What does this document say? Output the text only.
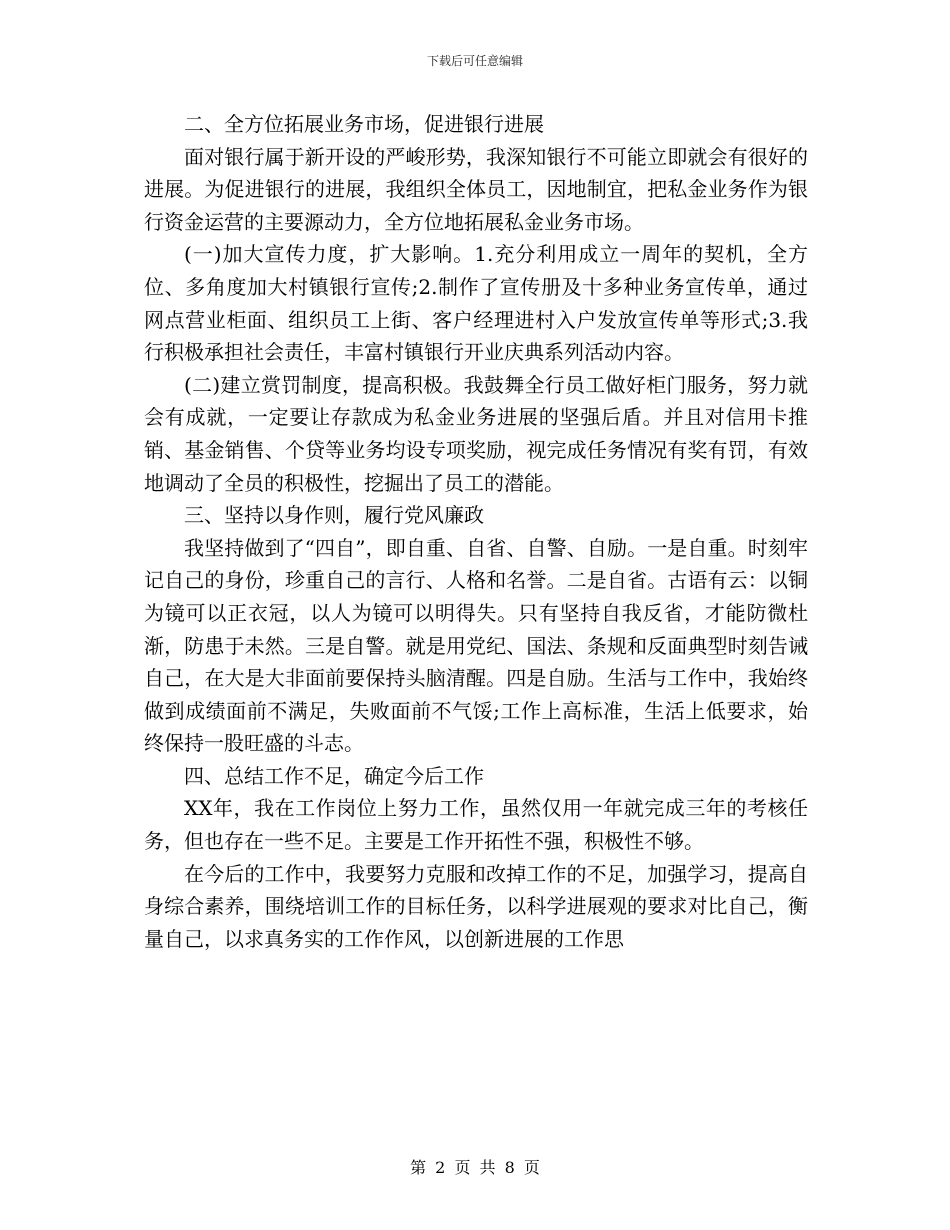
下载后可任意编辑

二、全方位拓展业务市场，促进银行进展

面对银行属于新开设的严峻形势，我深知银行不可能立即就会有很好的进展。为促进银行的进展，我组织全体员工，因地制宜，把私金业务作为银行资金运营的主要源动力，全方位地拓展私金业务市场。

(一)加大宣传力度，扩大影响。1.充分利用成立一周年的契机，全方位、多角度加大村镇银行宣传;2.制作了宣传册及十多种业务宣传单，通过网点营业柜面、组织员工上街、客户经理进村入户发放宣传单等形式;3.我行积极承担社会责任，丰富村镇银行开业庆典系列活动内容。

(二)建立赏罚制度，提高积极。我鼓舞全行员工做好柜门服务，努力就会有成就，一定要让存款成为私金业务进展的坚强后盾。并且对信用卡推销、基金销售、个贷等业务均设专项奖励，视完成任务情况有奖有罚，有效地调动了全员的积极性，挖掘出了员工的潜能。

三、坚持以身作则，履行党风廉政

我坚持做到了“四自”，即自重、自省、自警、自励。一是自重。时刻牢记自己的身份，珍重自己的言行、人格和名誉。二是自省。古语有云：以铜为镜可以正衣冠，以人为镜可以明得失。只有坚持自我反省，才能防微杜渐，防患于未然。三是自警。就是用党纪、国法、条规和反面典型时刻告诫自己，在大是大非面前要保持头脑清醒。四是自励。生活与工作中，我始终做到成绩面前不满足，失败面前不气馁;工作上高标准，生活上低要求，始终保持一股旺盛的斗志。

四、总结工作不足，确定今后工作

XX年，我在工作岗位上努力工作，虽然仅用一年就完成三年的考核任务，但也存在一些不足。主要是工作开拓性不强，积极性不够。

在今后的工作中，我要努力克服和改掉工作的不足，加强学习，提高自身综合素养，围绕培训工作的目标任务，以科学进展观的要求对比自己，衡量自己，以求真务实的工作作风，以创新进展的工作思

第 2 页 共 8 页
